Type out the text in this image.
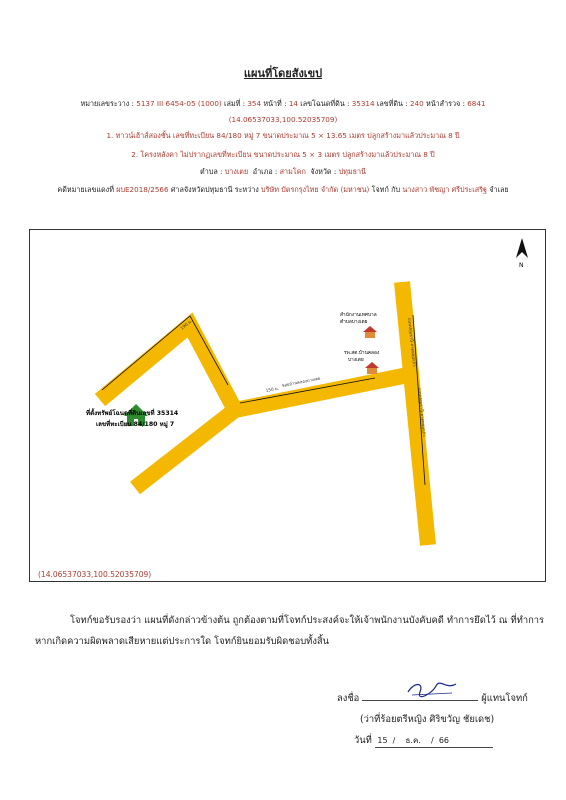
แผนที่โดยสังเขป
หมายเลขระวาง : 5137 III 6454-05 (1000) เล่มที่ : 354 หน้าที่ : 14 เลขโฉนดที่ดิน : 35314 เลขที่ดิน : 240 หน้าสำรวจ : 6841
(14.06537033,100.52035709)
1. ทาวน์เฮ้าส์สองชั้น เลขที่ทะเบียน 84/180 หมู่ 7 ขนาดประมาณ 5 × 13.65 เมตร ปลูกสร้างมาแล้วประมาณ 8 ปี
2. โครงหลังคา ไม่ปรากฏเลขที่ทะเบียน ขนาดประมาณ 5 × 3 เมตร ปลูกสร้างมาแล้วประมาณ 8 ปี
ตำบล : บางเตย อำเภอ : สามโคก จังหวัด : ปทุมธานี
คดีหมายเลขแดงที่ ผบE2018/2566 ศาลจังหวัดปทุมธานี ระหว่าง บริษัท บัตรกรุงไทย จำกัด (มหาชน) โจทก์ กับ นางสาว พัชญา ศรีประเสริฐ จำเลย
N
ที่ตั้งทรัพย์โฉนดที่ดินเลขที่ 35314
เลขที่ทะเบียน 84/180 หมู่ 7
สำนักงานเทศบาล
ตำบลบางเตย
รพ.สต.บ้านคลอง
บางเตย
ซอยบ้านคลองบางเตย
ถนนปทุมธานี-ลาดหลุมแก้ว
ถนนปทุมธานี-ลาดหลุมแก้ว
190 ม.
150 ม.
(14.06537033,100.52035709)
โจทก์ขอรับรองว่า แผนที่ดังกล่าวข้างต้น ถูกต้องตามที่โจทก์ประสงค์จะให้เจ้าพนักงานบังคับคดี ทำการยึดไว้ ณ ที่ทำการ
หากเกิดความผิดพลาดเสียหายแต่ประการใด โจทก์ยินยอมรับผิดชอบทั้งสิ้น
ลงชื่อ	ผู้แทนโจทก์
(ว่าที่ร้อยตรีหญิง ศิริขวัญ ชัยเดช)
วันที่ 15  /    ธ.ค.    /  66
